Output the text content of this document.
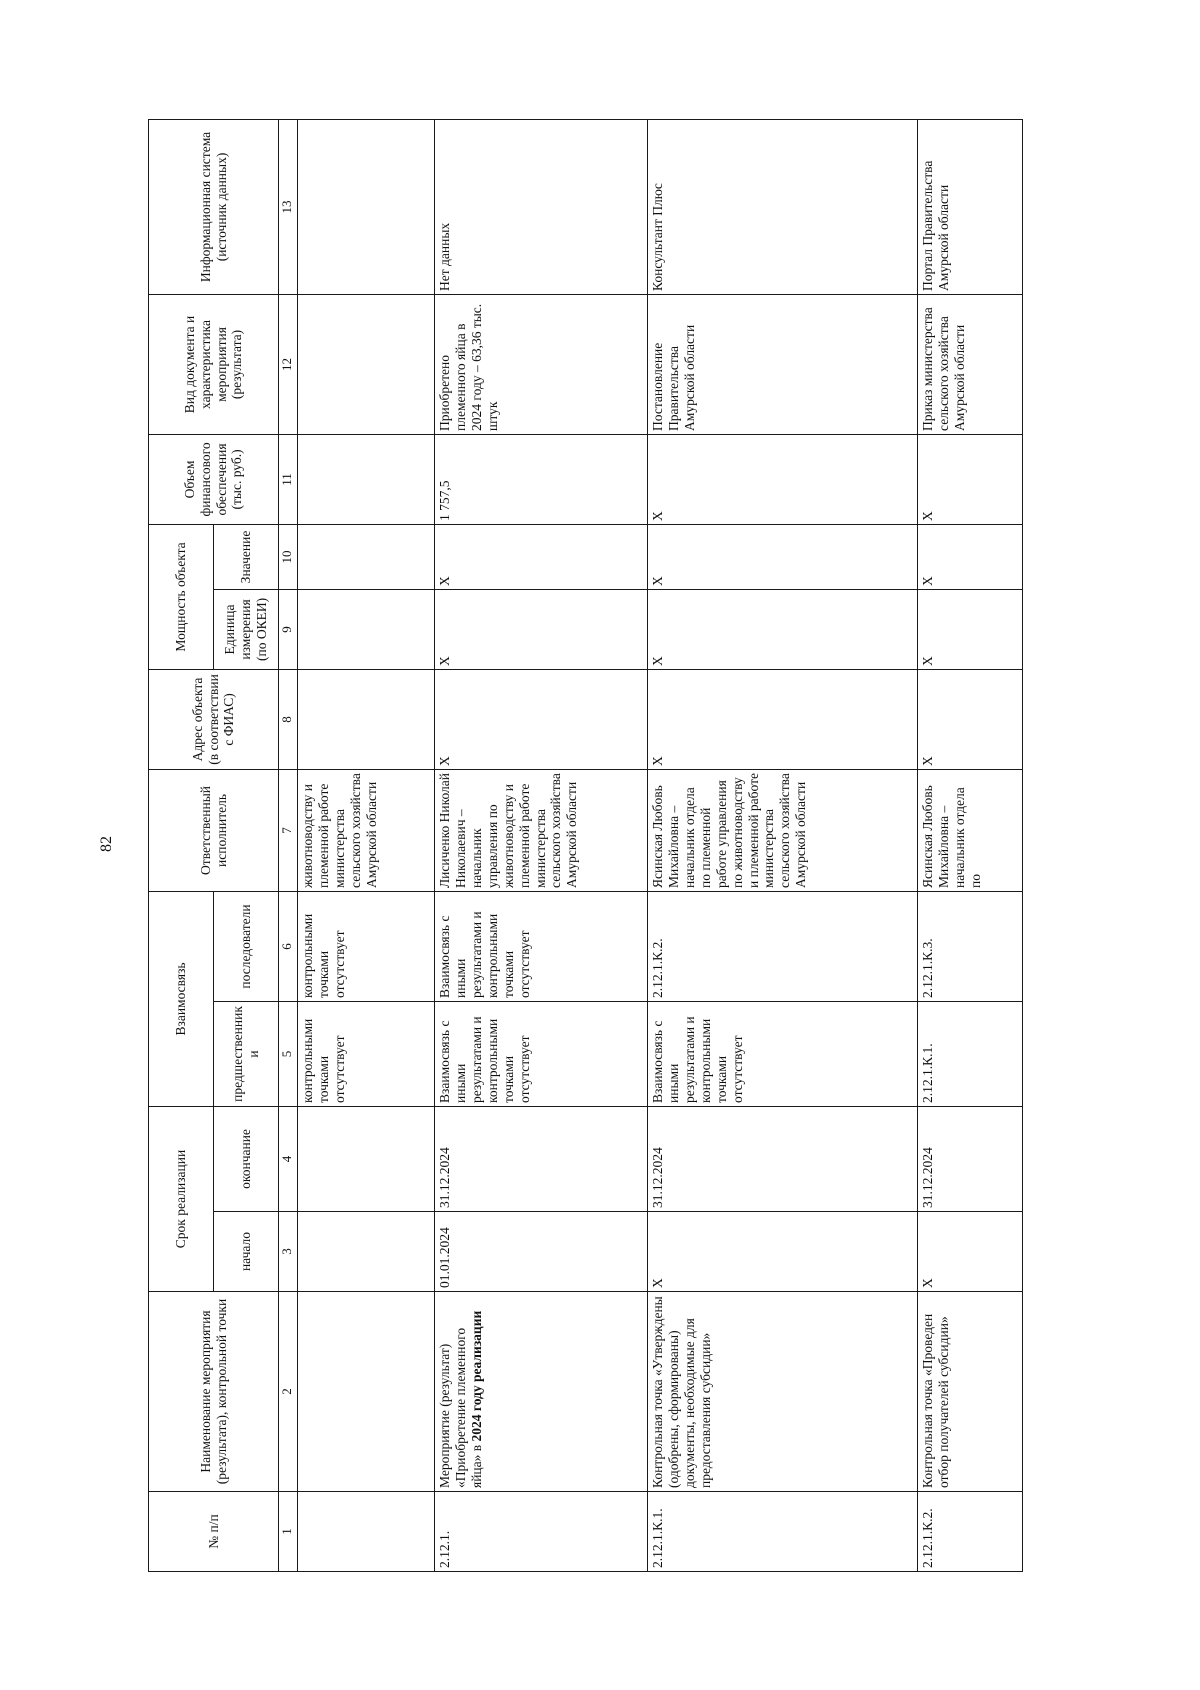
82
№ п/п	Наименование мероприятия (результата), контрольной точки	Срок реализации		Взаимосвязь		Ответственный исполнитель	Адрес объекта (в соответствии с ФИАС)	Мощность объекта		Объем финансового обеспечения (тыс. руб.)	Вид документа и характеристика мероприятия (результата)	Информационная система (источник данных)
		начало	окончание	предшественники	последователи			Единица измерения (по ОКЕИ)	Значение			
1	2	3	4	5	6	7	8	9	10	11	12	13
				контрольными точками отсутствует	контрольными точками отсутствует	животноводству и племенной работе министерства сельского хозяйства Амурской области						
2.12.1.	Мероприятие (результат) «Приобретение племенного яйца» в 2024 году реализации	01.01.2024	31.12.2024	Взаимосвязь с иными результатами и контрольными точками отсутствует	Взаимосвязь с иными результатами и контрольными точками отсутствует	Лисиченко Николай Николаевич – начальник управления по животноводству и племенной работе министерства сельского хозяйства Амурской области	X	X	X	1 757,5	Приобретено племенного яйца в 2024 году – 63,36 тыс. штук	Нет данных
2.12.1.К.1.	Контрольная точка «Утверждены (одобрены, сформированы) документы, необходимые для предоставления субсидии»	X	31.12.2024	Взаимосвязь с иными результатами и контрольными точками отсутствует	2.12.1.К.2.	Ясинская Любовь Михайловна – начальник отдела по племенной работе управления по животноводству и племенной работе министерства сельского хозяйства Амурской области	X	X	X	X	Постановление Правительства Амурской области	Консультант Плюс
2.12.1.К.2.	Контрольная точка «Проведен отбор получателей субсидии»	X	31.12.2024	2.12.1.К.1.	2.12.1.К.3.	Ясинская Любовь Михайловна – начальник отдела по	X	X	X	X	Приказ министерства сельского хозяйства Амурской области	Портал Правительства Амурской области
